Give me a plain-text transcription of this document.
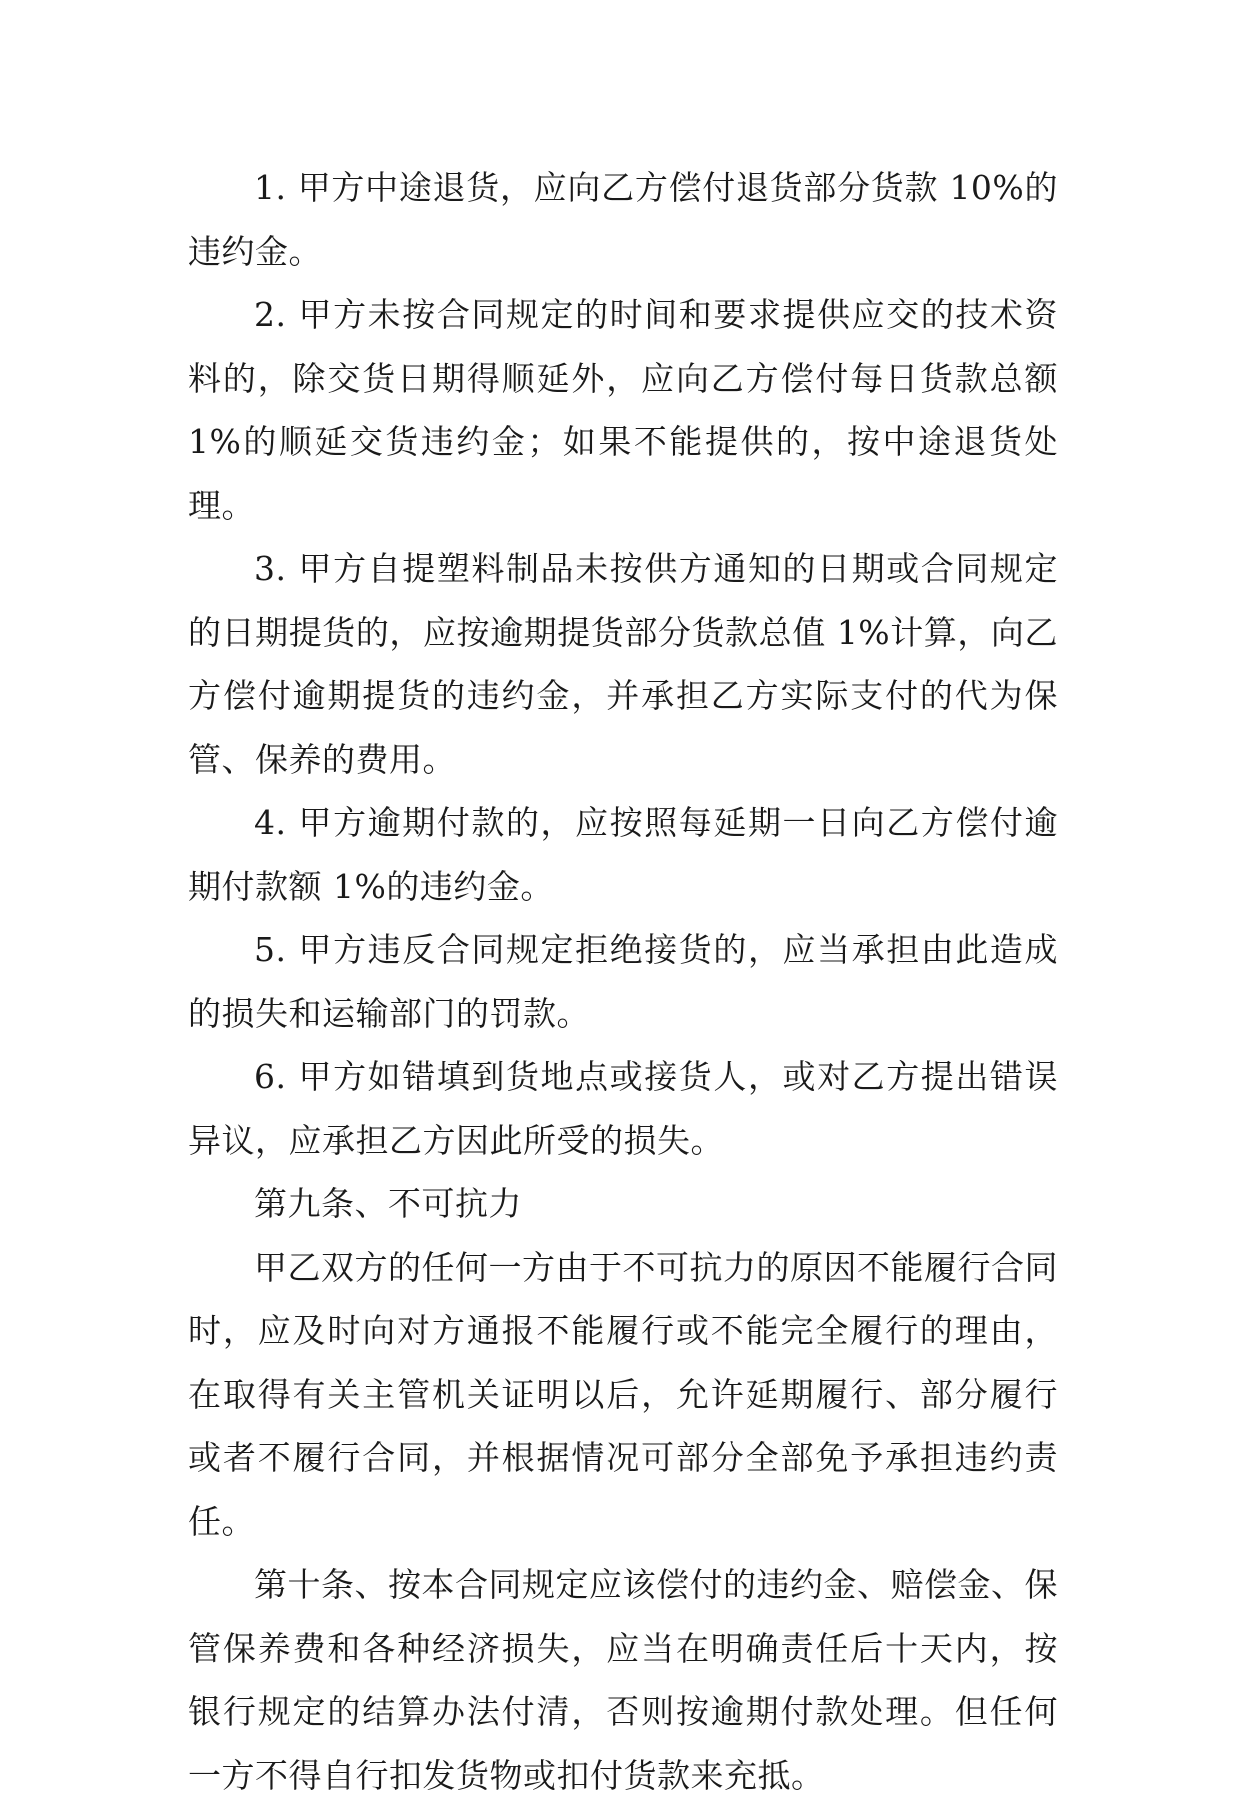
1. 甲方中途退货，应向乙方偿付退货部分货款 10%的违约金。

2. 甲方未按合同规定的时间和要求提供应交的技术资料的，除交货日期得顺延外，应向乙方偿付每日货款总额 1%的顺延交货违约金；如果不能提供的，按中途退货处理。

3. 甲方自提塑料制品未按供方通知的日期或合同规定的日期提货的，应按逾期提货部分货款总值 1%计算，向乙方偿付逾期提货的违约金，并承担乙方实际支付的代为保管、保养的费用。

4. 甲方逾期付款的，应按照每延期一日向乙方偿付逾期付款额 1%的违约金。

5. 甲方违反合同规定拒绝接货的，应当承担由此造成的损失和运输部门的罚款。

6. 甲方如错填到货地点或接货人，或对乙方提出错误异议，应承担乙方因此所受的损失。

第九条、不可抗力

甲乙双方的任何一方由于不可抗力的原因不能履行合同时，应及时向对方通报不能履行或不能完全履行的理由，在取得有关主管机关证明以后，允许延期履行、部分履行或者不履行合同，并根据情况可部分全部免予承担违约责任。

第十条、按本合同规定应该偿付的违约金、赔偿金、保管保养费和各种经济损失，应当在明确责任后十天内，按银行规定的结算办法付清，否则按逾期付款处理。但任何一方不得自行扣发货物或扣付货款来充抵。
